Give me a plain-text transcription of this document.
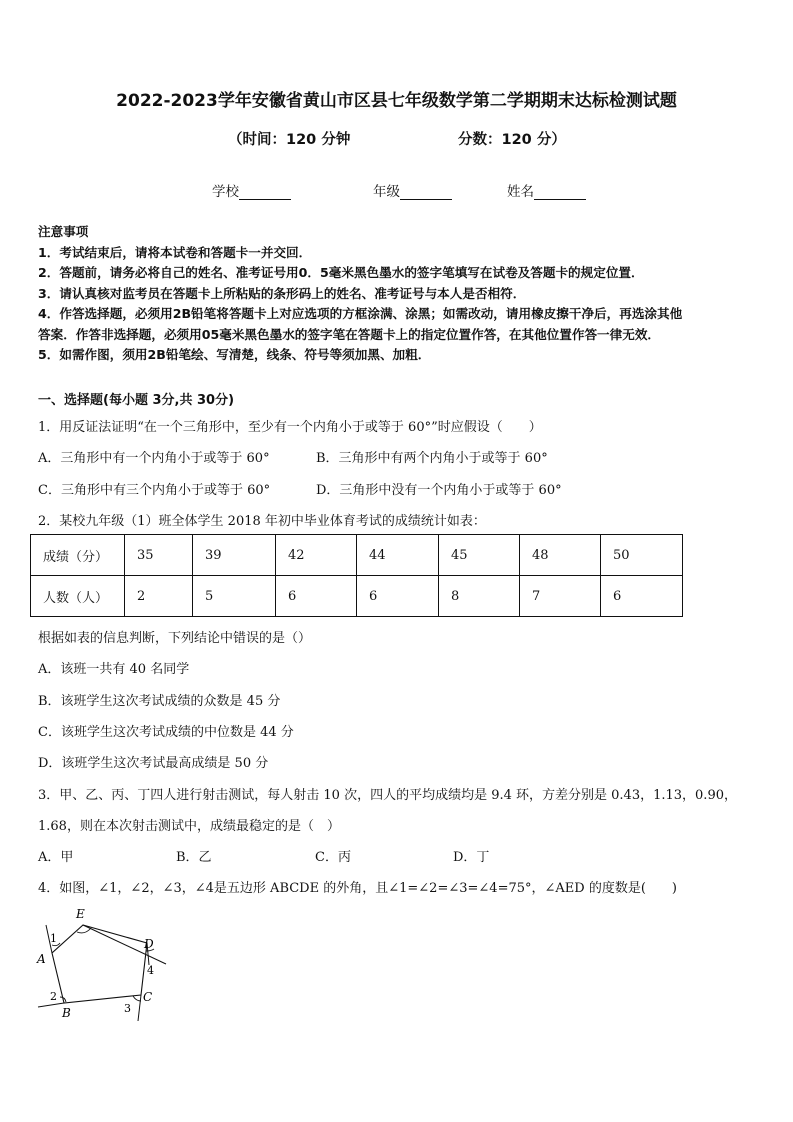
2022-2023学年安徽省黄山市区县七年级数学第二学期期末达标检测试题
（时间：120 分钟	分数：120 分）
学校	年级	姓名
注意事项
1．考试结束后，请将本试卷和答题卡一并交回．
2．答题前，请务必将自己的姓名、准考证号用0．5毫米黑色墨水的签字笔填写在试卷及答题卡的规定位置．
3．请认真核对监考员在答题卡上所粘贴的条形码上的姓名、准考证号与本人是否相符．
4．作答选择题，必须用2B铅笔将答题卡上对应选项的方框涂满、涂黑；如需改动，请用橡皮擦干净后，再选涂其他
答案．作答非选择题，必须用05毫米黑色墨水的签字笔在答题卡上的指定位置作答，在其他位置作答一律无效．
5．如需作图，须用2B铅笔绘、写清楚，线条、符号等须加黑、加粗．
一、选择题(每小题 3分,共 30分)
1．用反证法证明“在一个三角形中，至少有一个内角小于或等于 60°”时应假设（　　）
A．三角形中有一个内角小于或等于 60°	B．三角形中有两个内角小于或等于 60°
C．三角形中有三个内角小于或等于 60°	D．三角形中没有一个内角小于或等于 60°
2．某校九年级（1）班全体学生 2018 年初中毕业体育考试的成绩统计如表：
成绩（分）	35	39	42	44	45	48	50
人数（人）	2	5	6	6	8	7	6
根据如表的信息判断，下列结论中错误的是（）
A．该班一共有 40 名同学
B．该班学生这次考试成绩的众数是 45 分
C．该班学生这次考试成绩的中位数是 44 分
D．该班学生这次考试最高成绩是 50 分
3．甲、乙、丙、丁四人进行射击测试，每人射击 10 次，四人的平均成绩均是 9.4 环，方差分别是 0.43，1.13，0.90，
1.68，则在本次射击测试中，成绩最稳定的是（　）
A．甲	B．乙	C．丙	D．丁
4．如图，∠1，∠2，∠3，∠4是五边形 ABCDE 的外角，且∠1=∠2=∠3=∠4=75°，∠AED 的度数是(　　)
E
D
A
B
C
1
2
3
4
